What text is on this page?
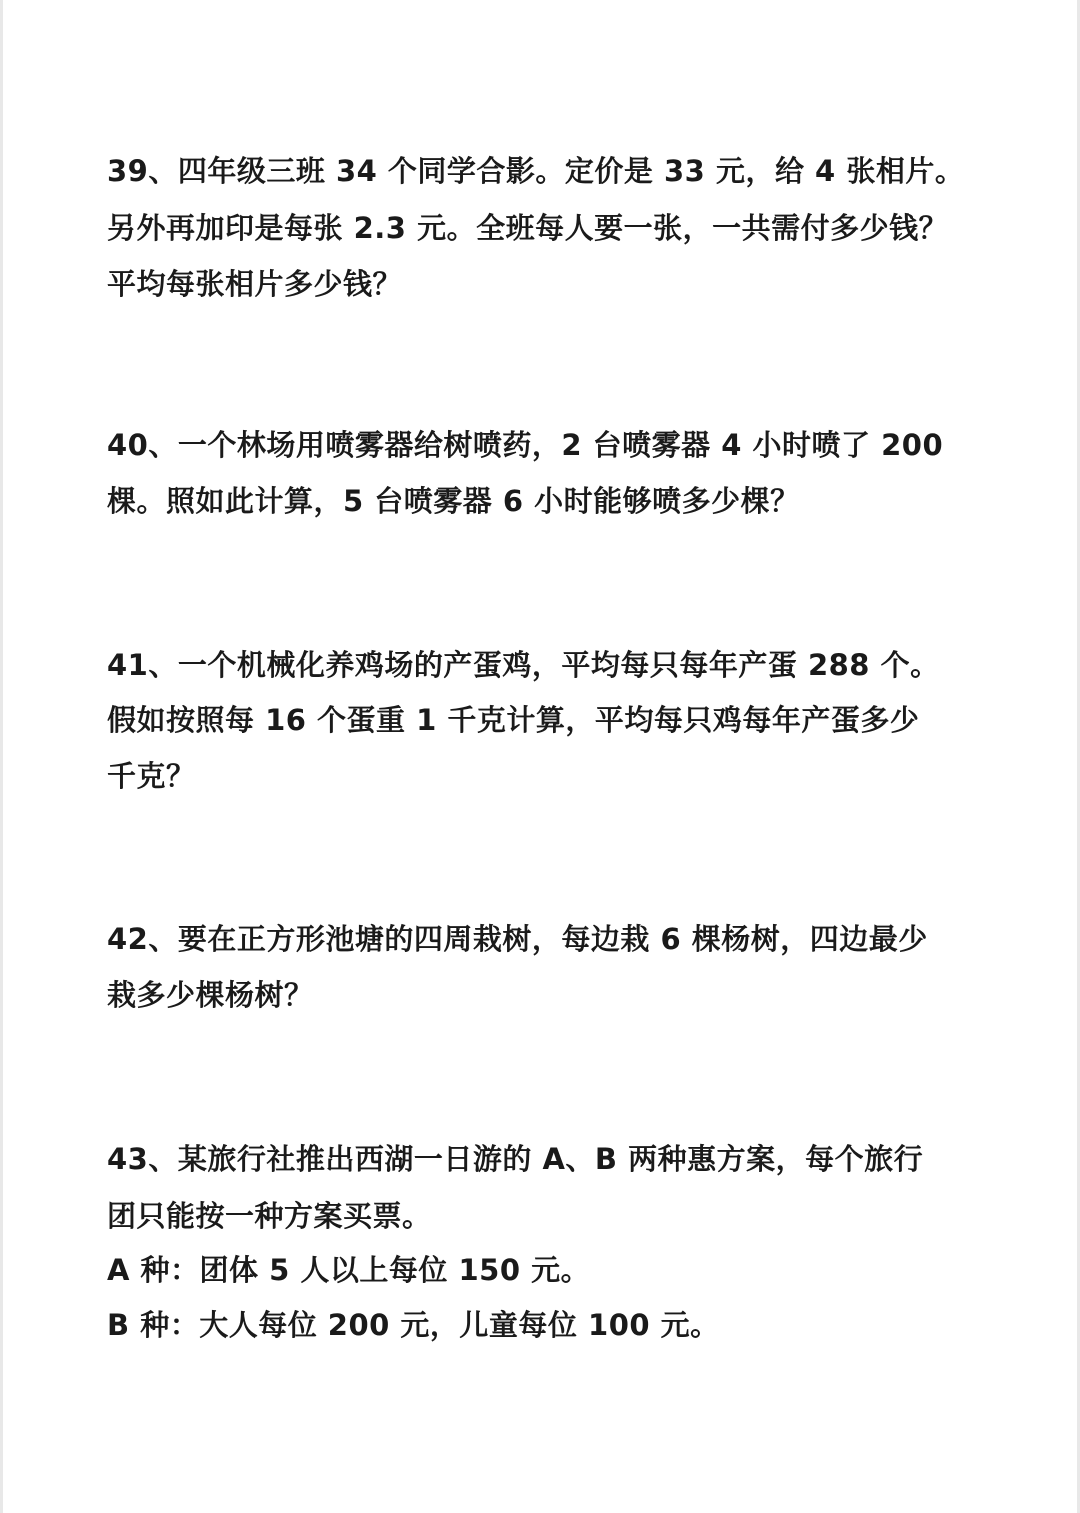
39、四年级三班 34 个同学合影。定价是 33 元，给 4 张相片。
另外再加印是每张 2.3 元。全班每人要一张，一共需付多少钱？
平均每张相片多少钱？
40、一个林场用喷雾器给树喷药，2 台喷雾器 4 小时喷了 200
棵。照如此计算，5 台喷雾器 6 小时能够喷多少棵？
41、一个机械化养鸡场的产蛋鸡，平均每只每年产蛋 288 个。
假如按照每 16 个蛋重 1 千克计算，平均每只鸡每年产蛋多少
千克？
42、要在正方形池塘的四周栽树，每边栽 6 棵杨树，四边最少
栽多少棵杨树？
43、某旅行社推出西湖一日游的 A、B 两种惠方案，每个旅行
团只能按一种方案买票。
A 种：团体 5 人以上每位 150 元。
B 种：大人每位 200 元，儿童每位 100 元。
